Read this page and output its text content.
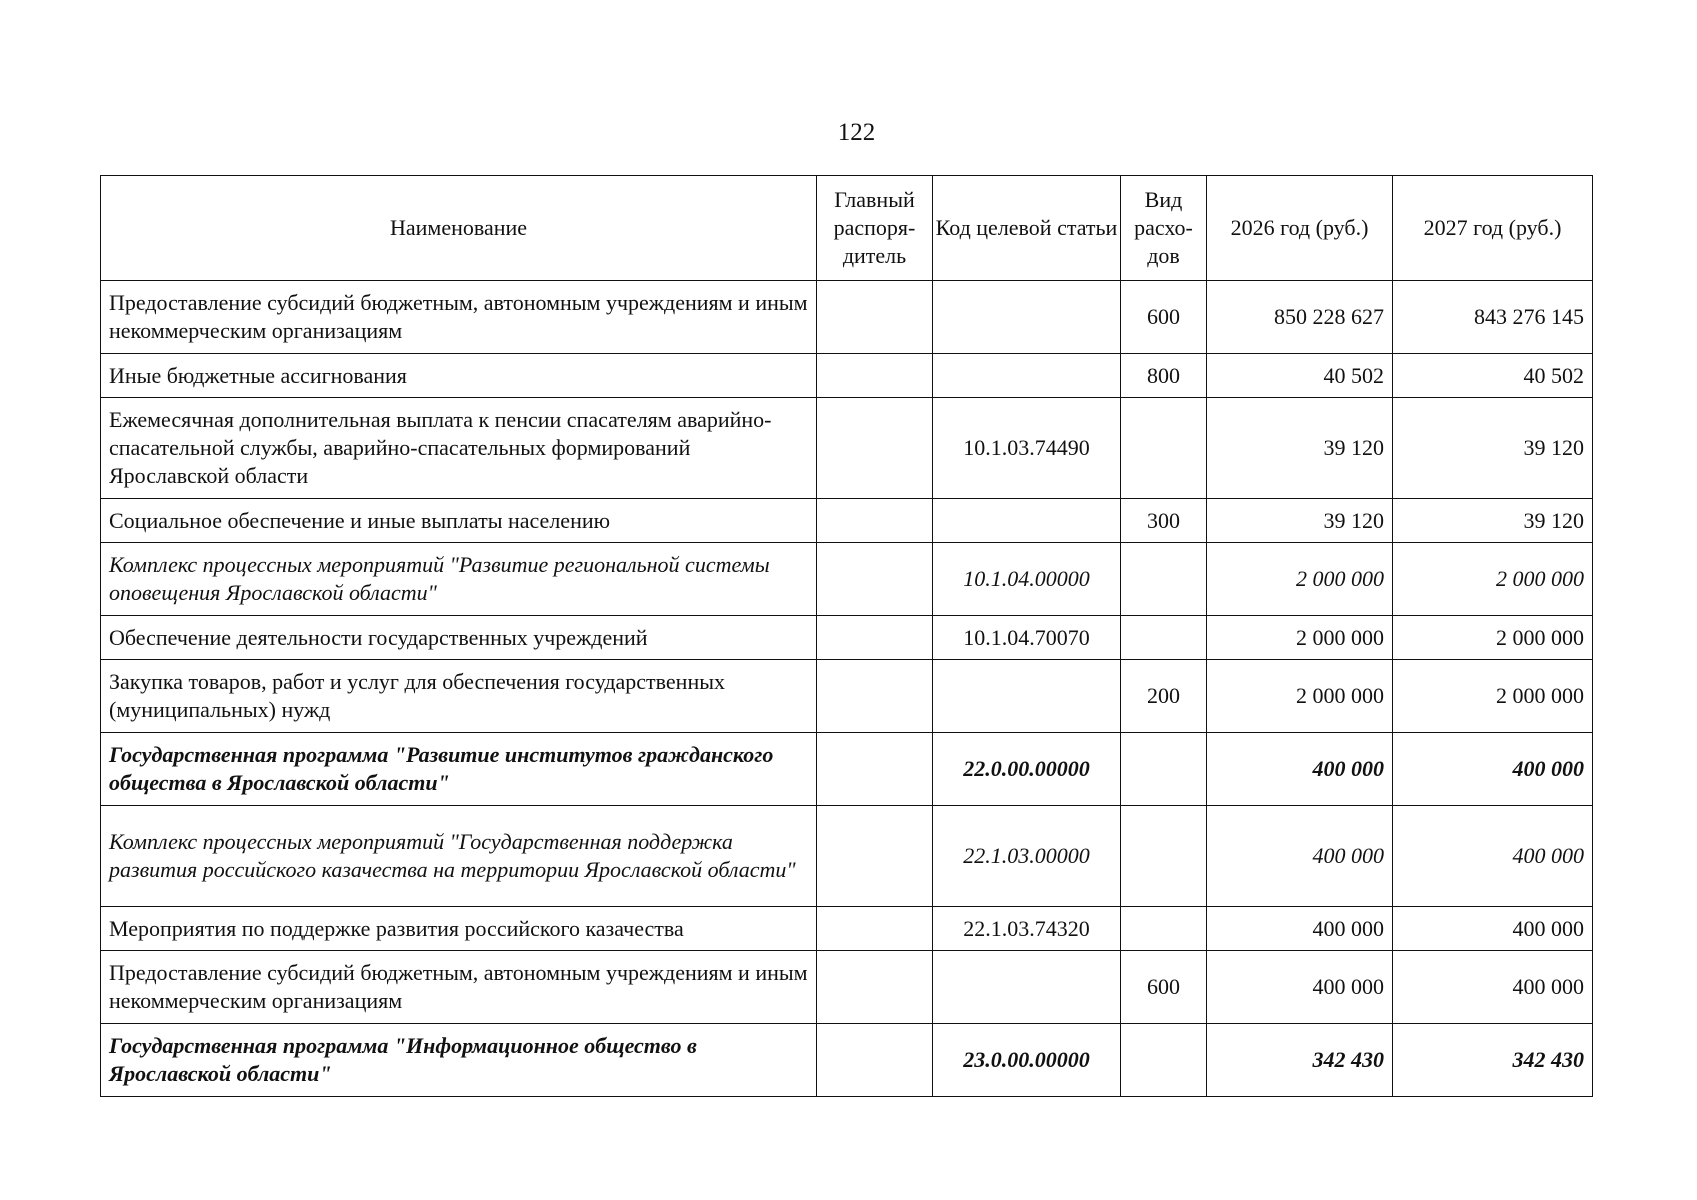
122
Наименование	Главный распоря-дитель	Код целевой статьи	Вид расхо-дов	2026 год (руб.)	2027 год (руб.)
Предоставление субсидий бюджетным, автономным учреждениям и иным некоммерческим организациям			600	850 228 627	843 276 145
Иные бюджетные ассигнования			800	40 502	40 502
Ежемесячная дополнительная выплата к пенсии спасателям аварийно-спасательной службы, аварийно-спасательных формирований Ярославской области		10.1.03.74490		39 120	39 120
Социальное обеспечение и иные выплаты населению			300	39 120	39 120
Комплекс процессных мероприятий "Развитие региональной системы оповещения Ярославской области"		10.1.04.00000		2 000 000	2 000 000
Обеспечение деятельности государственных учреждений		10.1.04.70070		2 000 000	2 000 000
Закупка товаров, работ и услуг для обеспечения государственных (муниципальных) нужд			200	2 000 000	2 000 000
Государственная программа "Развитие институтов гражданского общества в Ярославской области"		22.0.00.00000		400 000	400 000
Комплекс процессных мероприятий "Государственная поддержка развития российского казачества на территории Ярославской области"		22.1.03.00000		400 000	400 000
Мероприятия по поддержке развития российского казачества		22.1.03.74320		400 000	400 000
Предоставление субсидий бюджетным, автономным учреждениям и иным некоммерческим организациям			600	400 000	400 000
Государственная программа "Информационное общество в Ярославской области"		23.0.00.00000		342 430	342 430
